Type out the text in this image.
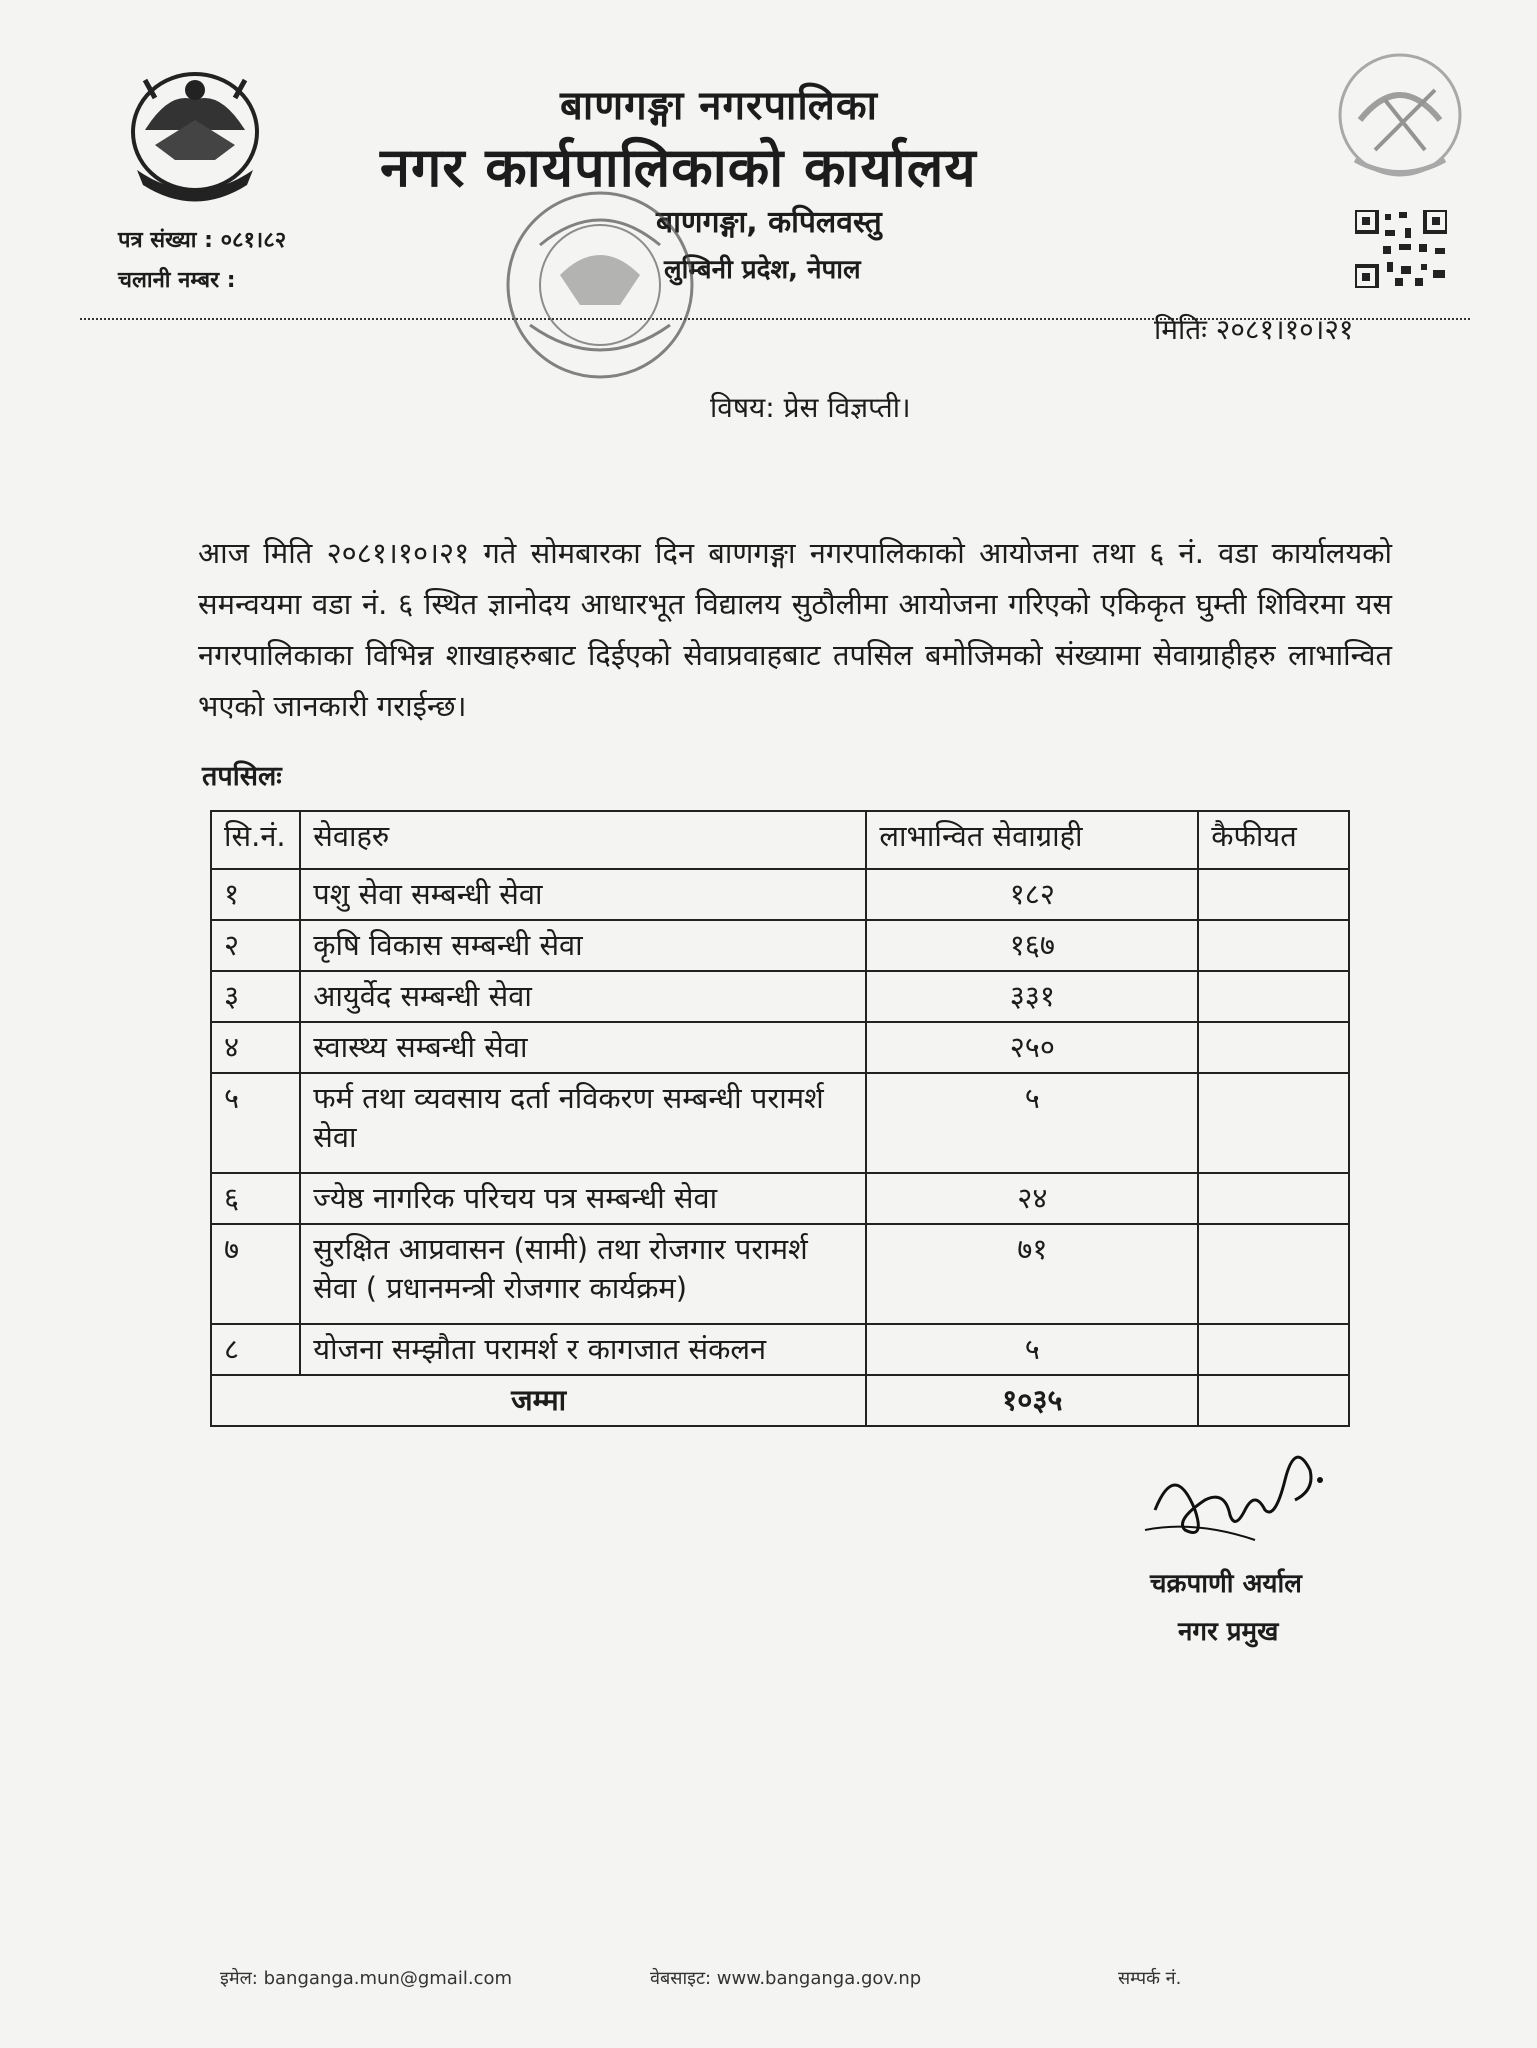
बाणगङ्गा नगरपालिका
नगर कार्यपालिकाको कार्यालय
बाणगङ्गा, कपिलवस्तु
लुम्बिनी प्रदेश, नेपाल
पत्र संख्या : ०८१।८२
चलानी नम्बर :
मितिः २०८१।१०।२१
विषय: प्रेस विज्ञप्ती।
आज मिति २०८१।१०।२१ गते सोमबारका दिन बाणगङ्गा नगरपालिकाको आयोजना तथा ६ नं. वडा कार्यालयको समन्वयमा वडा नं. ६ स्थित ज्ञानोदय आधारभूत विद्यालय सुठौलीमा आयोजना गरिएको एकिकृत घुम्ती शिविरमा यस नगरपालिकाका विभिन्न शाखाहरुबाट दिईएको सेवाप्रवाहबाट तपसिल बमोजिमको संख्यामा सेवाग्राहीहरु लाभान्वित भएको जानकारी गराईन्छ।
तपसिलः
सि.नं.	सेवाहरु	लाभान्वित सेवाग्राही	कैफीयत
१	पशु सेवा सम्बन्धी सेवा	१८२	
२	कृषि विकास सम्बन्धी सेवा	१६७	
३	आयुर्वेद सम्बन्धी सेवा	३३१	
४	स्वास्थ्य सम्बन्धी सेवा	२५०	
५	फर्म तथा व्यवसाय दर्ता नविकरण सम्बन्धी परामर्श सेवा	५	
६	ज्येष्ठ नागरिक परिचय पत्र सम्बन्धी सेवा	२४	
७	सुरक्षित आप्रवासन (सामी) तथा रोजगार परामर्श सेवा ( प्रधानमन्त्री रोजगार कार्यक्रम)	७१	
८	योजना सम्झौता परामर्श र कागजात संकलन	५	
जम्मा		१०३५	
चक्रपाणी अर्याल
नगर प्रमुख
इमेल: banganga.mun@gmail.com	वेबसाइट: www.banganga.gov.np	सम्पर्क नं.
